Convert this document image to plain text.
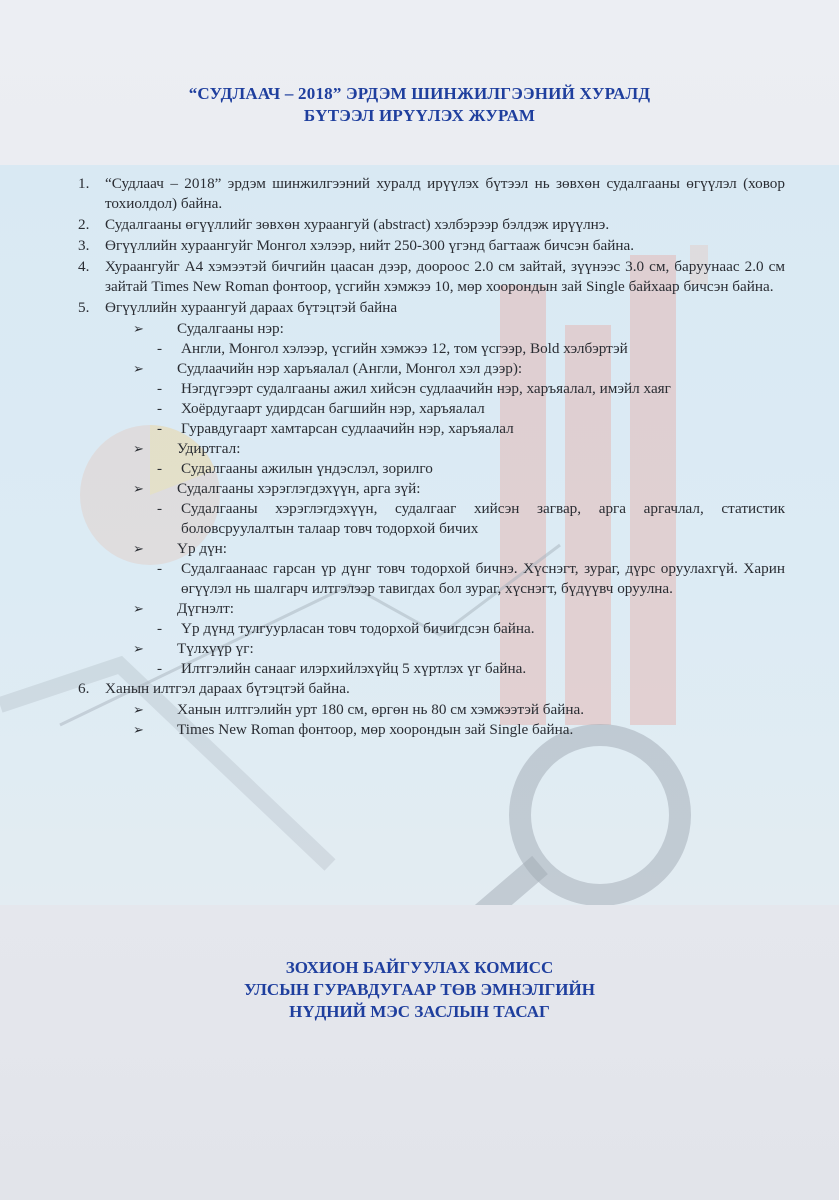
“СУДЛААЧ – 2018” ЭРДЭМ ШИНЖИЛГЭЭНИЙ ХУРАЛД
БҮТЭЭЛ ИРҮҮЛЭХ ЖУРАМ
1. “Судлаач – 2018” эрдэм шинжилгээний хуралд ирүүлэх бүтээл нь зөвхөн судалгааны өгүүлэл (ховор тохиолдол) байна.
2. Судалгааны өгүүллийг зөвхөн хураангуй (abstract) хэлбэрээр бэлдэж ирүүлнэ.
3. Өгүүллийн хураангуйг Монгол хэлээр, нийт 250-300 үгэнд багтааж бичсэн байна.
4. Хураангуйг А4 хэмээтэй бичгийн цаасан дээр, доороос 2.0 см зайтай, зүүнээс 3.0 см, баруунаас 2.0 см зайтай Times New Roman фонтоор, үсгийн хэмжээ 10, мөр хоорондын зай Single байхаар бичсэн байна.
5. Өгүүллийн хураангуй дараах бүтэцтэй байна
➢ Судалгааны нэр:
- Англи, Монгол хэлээр, үсгийн хэмжээ 12, том үсгээр, Bold хэлбэртэй
➢ Судлаачийн нэр харъяалал (Англи, Монгол хэл дээр):
- Нэгдүгээрт судалгааны ажил хийсэн судлаачийн нэр, харъяалал, имэйл хаяг
- Хоёрдугаарт удирдсан багшийн нэр, харъяалал
- Гуравдугаарт хамтарсан судлаачийн нэр, харъяалал
➢ Удиртгал:
- Судалгааны ажилын үндэслэл, зорилго
➢ Судалгааны хэрэглэгдэхүүн, арга зүй:
- Судалгааны хэрэглэгдэхүүн, судалгааг хийсэн загвар, арга аргачлал, статистик боловсруулалтын талаар товч тодорхой бичих
➢ Үр дүн:
- Судалгаанаас гарсан үр дүнг товч тодорхой бичнэ. Хүснэгт, зураг, дүрс оруулахгүй. Харин өгүүлэл нь шалгарч илтгэлээр тавигдах бол зураг, хүснэгт, бүдүүвч оруулна.
➢ Дүгнэлт:
- Үр дүнд тулгуурласан товч тодорхой бичигдсэн байна.
➢ Түлхүүр үг:
- Илтгэлийн санааг илэрхийлэхүйц 5 хүртлэх үг байна.
6. Ханын илтгэл дараах бүтэцтэй байна.
➢ Ханын илтгэлийн урт 180 см, өргөн нь 80 см хэмжээтэй байна.
➢ Times New Roman фонтоор, мөр хоорондын зай Single байна.
ЗОХИОН БАЙГУУЛАХ КОМИСС
УЛСЫН ГУРАВДУГААР ТӨВ ЭМНЭЛГИЙН
НҮДНИЙ МЭС ЗАСЛЫН ТАСАГ
